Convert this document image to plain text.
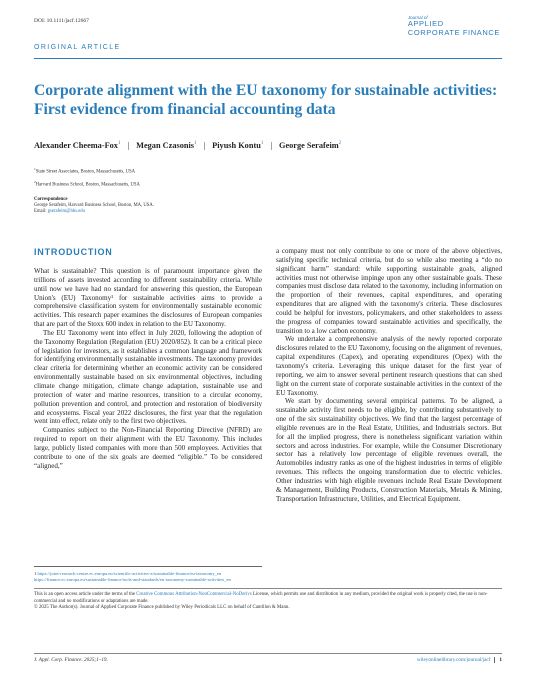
DOI: 10.1111/jacf.12667
Journal of
APPLIED
CORPORATE FINANCE
ORIGINAL ARTICLE
Corporate alignment with the EU taxonomy for sustainable activities:
First evidence from financial accounting data
Alexander Cheema-Fox$^1$ | Megan Czasonis$^1$ | Piyush Kontu$^1$ | George Serafeim$^2$
$^1$State Street Associates, Boston, Massachusetts, USA
$^2$Harvard Business School, Boston, Massachusetts, USA
Correspondence
George Serafeim, Harvard Business School, Boston, MA, USA.
Email: gserafeim@hbs.edu
INTRODUCTION

What is sustainable? This question is of paramount importance given the trillions of assets invested according to different sustainability criteria. While until now we have had no standard for answering this question, the European Union's (EU) Taxonomy¹ for sustainable activities aims to provide a comprehensive classification system for environmentally sustainable economic activities. This research paper examines the disclosures of European companies that are part of the Stoxx 600 index in relation to the EU Taxonomy.

The EU Taxonomy went into effect in July 2020, following the adoption of the Taxonomy Regulation (Regulation (EU) 2020/852). It can be a critical piece of legislation for investors, as it establishes a common language and framework for identifying environmentally sustainable investments. The taxonomy provides clear criteria for determining whether an economic activity can be considered environmentally sustainable based on six environmental objectives, including climate change mitigation, climate change adaptation, sustainable use and protection of water and marine resources, transition to a circular economy, pollution prevention and control, and protection and restoration of biodiversity and ecosystems. Fiscal year 2022 disclosures, the first year that the regulation went into effect, relate only to the first two objectives.

Companies subject to the Non-Financial Reporting Directive (NFRD) are required to report on their alignment with the EU Taxonomy. This includes large, publicly listed companies with more than 500 employees. Activities that contribute to one of the six goals are deemed “eligible.” To be considered “aligned,”

a company must not only contribute to one or more of the above objectives, satisfying specific technical criteria, but do so while also meeting a “do no significant harm” standard: while supporting sustainable goals, aligned activities must not otherwise impinge upon any other sustainable goals. These companies must disclose data related to the taxonomy, including information on the proportion of their revenues, capital expenditures, and operating expenditures that are aligned with the taxonomy's criteria. These disclosures could be helpful for investors, policymakers, and other stakeholders to assess the progress of companies toward sustainable activities and specifically, the transition to a low carbon economy.

We undertake a comprehensive analysis of the newly reported corporate disclosures related to the EU Taxonomy, focusing on the alignment of revenues, capital expenditures (Capex), and operating expenditures (Opex) with the taxonomy's criteria. Leveraging this unique dataset for the first year of reporting, we aim to answer several pertinent research questions that can shed light on the current state of corporate sustainable activities in the context of the EU Taxonomy.

We start by documenting several empirical patterns. To be aligned, a sustainable activity first needs to be eligible, by contributing substantively to one of the six sustainability objectives. We find that the largest percentage of eligible revenues are in the Real Estate, Utilities, and Industrials sectors. But for all the implied progress, there is nonetheless significant variation within sectors and across industries. For example, while the Consumer Discretionary sector has a relatively low percentage of eligible revenues overall, the Automobiles industry ranks as one of the highest industries in terms of eligible revenues. This reflects the ongoing transformation due to electric vehicles. Other industries with high eligible revenues include Real Estate Development & Management, Building Products, Construction Materials, Metals & Mining, Transportation Infrastructure, Utilities, and Electrical Equipment.

1 https://joint-research-centre.ec.europa.eu/scientific-activities-z/sustainable-finance/eu-taxonomy_en
https://finance.ec.europa.eu/sustainable-finance/tools-and-standards/eu-taxonomy-sustainable-activities_en
This is an open access article under the terms of the Creative Commons Attribution-NonCommercial-NoDerivs License, which permits use and distribution in any medium, provided the original work is properly cited, the use is non-commercial and no modifications or adaptations are made.
© 2025 The Author(s). Journal of Applied Corporate Finance published by Wiley Periodicals LLC on behalf of Cantillon & Mann.
J. Appl. Corp. Finance. 2025;1–19.	wileyonlinelibrary.com/journal/jacf 1
